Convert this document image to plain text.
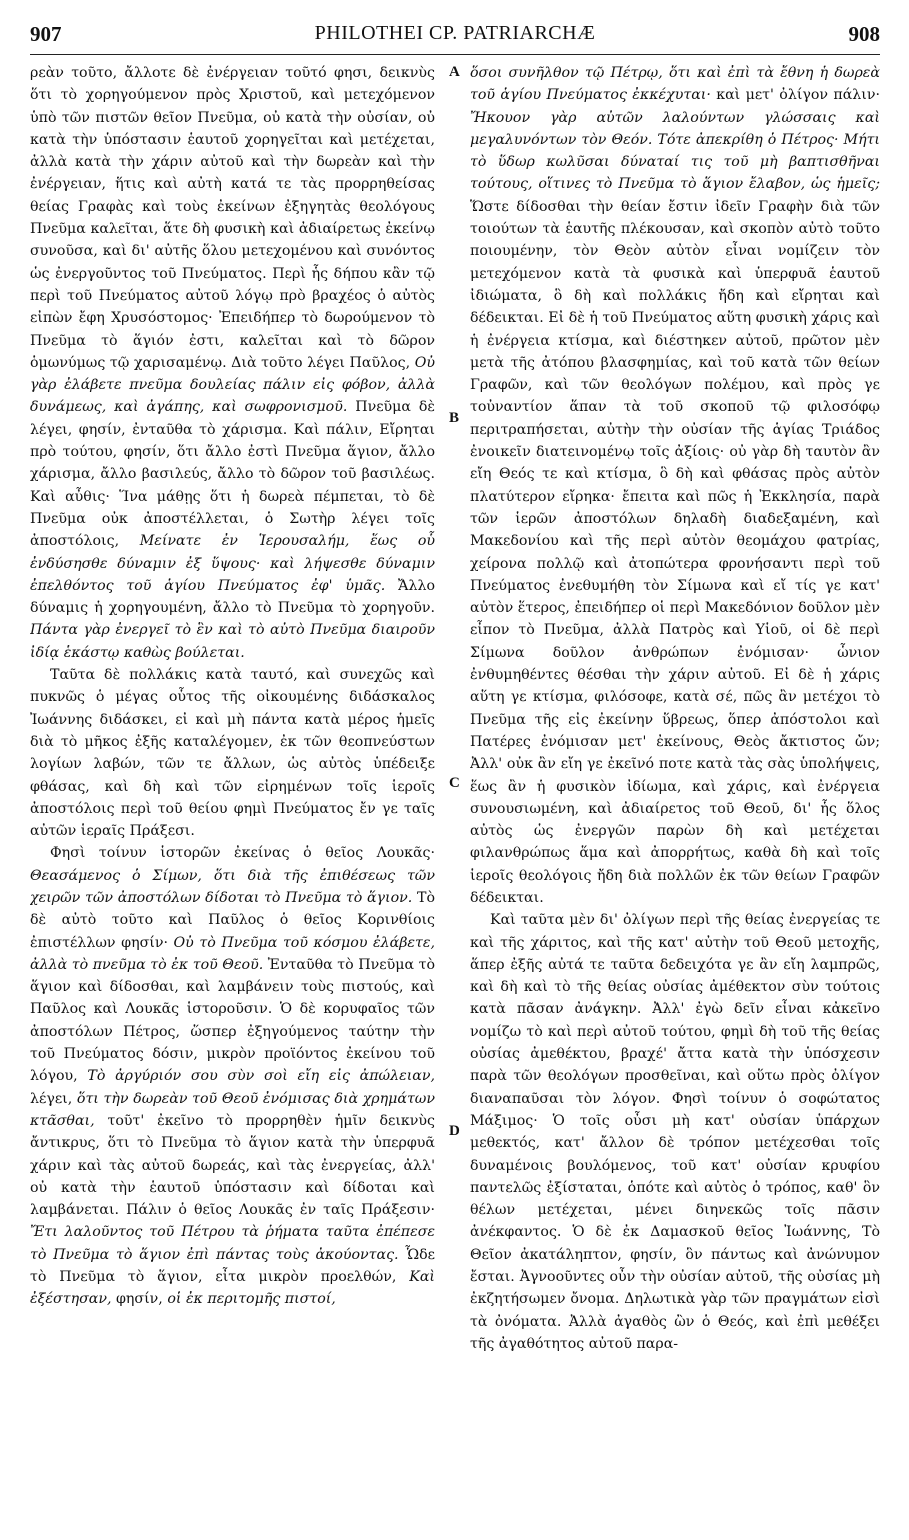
907	PHILOTHEI CP. PATRIARCHÆ	908

ρεὰν τοῦτο, ἄλλοτε δὲ ἐνέργειαν τοῦτό φησι, δεικνὺς ὅτι τὸ χορηγούμενον πρὸς Χριστοῦ, καὶ μετεχόμενον ὑπὸ τῶν πιστῶν θεῖον Πνεῦμα, οὐ κατὰ τὴν οὐσίαν, οὐ κατὰ τὴν ὑπόστασιν ἑαυτοῦ χορηγεῖται καὶ μετέχεται, ἀλλὰ κατὰ τὴν χάριν αὐτοῦ καὶ τὴν δωρεὰν καὶ τὴν ἐνέργειαν, ἥτις καὶ αὐτὴ κατά τε τὰς προρρηθείσας θείας Γραφὰς καὶ τοὺς ἐκείνων ἐξηγητὰς θεολόγους Πνεῦμα καλεῖται, ἅτε δὴ φυσικὴ καὶ ἀδιαίρετως ἐκείνῳ συνοῦσα, καὶ δι' αὐτῆς ὅλου μετεχομένου καὶ συνόντος ὡς ἐνεργοῦντος τοῦ Πνεύματος. Περὶ ἧς δήπου κἂν τῷ περὶ τοῦ Πνεύματος αὐτοῦ λόγῳ πρὸ βραχέος ὁ αὐτὸς εἰπὼν ἔφη Χρυσόστομος· Ἐπειδήπερ τὸ δωρούμενον τὸ Πνεῦμα τὸ ἅγιόν ἐστι, καλεῖται καὶ τὸ δῶρον ὁμωνύμως τῷ χαρισαμένῳ. Διὰ τοῦτο λέγει Παῦλος, Οὐ γὰρ ἐλάβετε πνεῦμα δουλείας πάλιν εἰς φόβον, ἀλλὰ δυνάμεως, καὶ ἀγάπης, καὶ σωφρονισμοῦ. Πνεῦμα δὲ λέγει, φησίν, ἐνταῦθα τὸ χάρισμα. Καὶ πάλιν, Εἴρηται πρὸ τούτου, φησίν, ὅτι ἄλλο ἐστὶ Πνεῦμα ἅγιον, ἄλλο χάρισμα, ἄλλο βασιλεύς, ἄλλο τὸ δῶρον τοῦ βασιλέως. Καὶ αὖθις· Ἵνα μάθῃς ὅτι ἡ δωρεὰ πέμπεται, τὸ δὲ Πνεῦμα οὐκ ἀποστέλλεται, ὁ Σωτὴρ λέγει τοῖς ἀποστόλοις, Μείνατε ἐν Ἱερουσαλήμ, ἕως οὗ ἐνδύσησθε δύναμιν ἐξ ὕψους· καὶ λήψεσθε δύναμιν ἐπελθόντος τοῦ ἁγίου Πνεύματος ἐφ' ὑμᾶς. Ἄλλο δύναμις ἡ χορηγουμένη, ἄλλο τὸ Πνεῦμα τὸ χορηγοῦν. Πάντα γὰρ ἐνεργεῖ τὸ ἓν καὶ τὸ αὐτὸ Πνεῦμα διαιροῦν ἰδίᾳ ἑκάστῳ καθὼς βούλεται.

Ταῦτα δὲ πολλάκις κατὰ ταυτό, καὶ συνεχῶς καὶ πυκνῶς ὁ μέγας οὗτος τῆς οἰκουμένης διδάσκαλος Ἰωάννης διδάσκει, εἰ καὶ μὴ πάντα κατὰ μέρος ἡμεῖς διὰ τὸ μῆκος ἐξῆς καταλέγομεν, ἐκ τῶν θεοπνεύστων λογίων λαβών, τῶν τε ἄλλων, ὡς αὐτὸς ὑπέδειξε φθάσας, καὶ δὴ καὶ τῶν εἰρημένων τοῖς ἱεροῖς ἀποστόλοις περὶ τοῦ θείου φημὶ Πνεύματος ἔν γε ταῖς αὐτῶν ἱεραῖς Πράξεσι.

Φησὶ τοίνυν ἱστορῶν ἐκείνας ὁ θεῖος Λουκᾶς· Θεασάμενος ὁ Σίμων, ὅτι διὰ τῆς ἐπιθέσεως τῶν χειρῶν τῶν ἀποστόλων δίδοται τὸ Πνεῦμα τὸ ἅγιον. Τὸ δὲ αὐτὸ τοῦτο καὶ Παῦλος ὁ θεῖος Κορινθίοις ἐπιστέλλων φησίν· Οὐ τὸ Πνεῦμα τοῦ κόσμου ἐλάβετε, ἀλλὰ τὸ πνεῦμα τὸ ἐκ τοῦ Θεοῦ. Ἐνταῦθα τὸ Πνεῦμα τὸ ἅγιον καὶ δίδοσθαι, καὶ λαμβάνειν τοὺς πιστούς, καὶ Παῦλος καὶ Λουκᾶς ἱστοροῦσιν. Ὁ δὲ κορυφαῖος τῶν ἀποστόλων Πέτρος, ὥσπερ ἐξηγούμενος ταύτην τὴν τοῦ Πνεύματος δόσιν, μικρὸν προϊόντος ἐκείνου τοῦ λόγου, Τὸ ἀργύριόν σου σὺν σοὶ εἴη εἰς ἀπώλειαν, λέγει, ὅτι τὴν δωρεὰν τοῦ Θεοῦ ἐνόμισας διὰ χρημάτων κτᾶσθαι, τοῦτ' ἐκεῖνο τὸ προρρηθὲν ἡμῖν δεικνὺς ἄντικρυς, ὅτι τὸ Πνεῦμα τὸ ἅγιον κατὰ τὴν ὑπερφυᾶ χάριν καὶ τὰς αὐτοῦ δωρεάς, καὶ τὰς ἐνεργείας, ἀλλ' οὐ κατὰ τὴν ἑαυτοῦ ὑπόστασιν καὶ δίδοται καὶ λαμβάνεται. Πάλιν ὁ θεῖος Λουκᾶς ἐν ταῖς Πράξεσιν· Ἔτι λαλοῦντος τοῦ Πέτρου τὰ ῥήματα ταῦτα ἐπέπεσε τὸ Πνεῦμα τὸ ἅγιον ἐπὶ πάντας τοὺς ἀκούοντας. Ὧδε τὸ Πνεῦμα τὸ ἅγιον, εἶτα μικρὸν προελθών, Καὶ ἐξέστησαν, φησίν, οἱ ἐκ περιτομῆς πιστοί,

ὅσοι συνῆλθον τῷ Πέτρῳ, ὅτι καὶ ἐπὶ τὰ ἔθνη ἡ δωρεὰ τοῦ ἁγίου Πνεύματος ἐκκέχυται· καὶ μετ' ὀλίγον πάλιν· Ἤκουον γὰρ αὐτῶν λαλούντων γλώσσαις καὶ μεγαλυνόντων τὸν Θεόν. Τότε ἀπεκρίθη ὁ Πέτρος· Μήτι τὸ ὕδωρ κωλῦσαι δύναταί τις τοῦ μὴ βαπτισθῆναι τούτους, οἵτινες τὸ Πνεῦμα τὸ ἅγιον ἔλαβον, ὡς ἡμεῖς; Ὥστε δίδοσθαι τὴν θείαν ἔστιν ἰδεῖν Γραφὴν διὰ τῶν τοιούτων τὰ ἑαυτῆς πλέκουσαν, καὶ σκοπὸν αὐτὸ τοῦτο ποιουμένην, τὸν Θεὸν αὐτὸν εἶναι νομίζειν τὸν μετεχόμενον κατὰ τὰ φυσικὰ καὶ ὑπερφυᾶ ἑαυτοῦ ἰδιώματα, ὃ δὴ καὶ πολλάκις ἤδη καὶ εἴρηται καὶ δέδεικται. Εἰ δὲ ἡ τοῦ Πνεύματος αὕτη φυσικὴ χάρις καὶ ἡ ἐνέργεια κτίσμα, καὶ διέστηκεν αὐτοῦ, πρῶτον μὲν μετὰ τῆς ἀτόπου βλασφημίας, καὶ τοῦ κατὰ τῶν θείων Γραφῶν, καὶ τῶν θεολόγων πολέμου, καὶ πρὸς γε τοὐναντίον ἅπαν τὰ τοῦ σκοποῦ τῷ φιλοσόφῳ περιτραπήσεται, αὐτὴν τὴν οὐσίαν τῆς ἁγίας Τριάδος ἐνοικεῖν διατεινομένῳ τοῖς ἀξίοις· οὐ γὰρ δὴ ταυτὸν ἂν εἴη Θεός τε καὶ κτίσμα, ὃ δὴ καὶ φθάσας πρὸς αὐτὸν πλατύτερον εἴρηκα· ἔπειτα καὶ πῶς ἡ Ἐκκλησία, παρὰ τῶν ἱερῶν ἀποστόλων δηλαδὴ διαδεξαμένη, καὶ Μακεδονίου καὶ τῆς περὶ αὐτὸν θεομάχου φατρίας, χείρονα πολλῷ καὶ ἀτοπώτερα φρονήσαντι περὶ τοῦ Πνεύματος ἐνεθυμήθη τὸν Σίμωνα καὶ εἴ τίς γε κατ' αὐτὸν ἕτερος, ἐπειδήπερ οἱ περὶ Μακεδόνιον δοῦλον μὲν εἶπον τὸ Πνεῦμα, ἀλλὰ Πατρὸς καὶ Υἱοῦ, οἱ δὲ περὶ Σίμωνα δοῦλον ἀνθρώπων ἐνόμισαν· ὧνιον ἐνθυμηθέντες θέσθαι τὴν χάριν αὐτοῦ. Εἰ δὲ ἡ χάρις αὕτη γε κτίσμα, φιλόσοφε, κατὰ σέ, πῶς ἂν μετέχοι τὸ Πνεῦμα τῆς εἰς ἐκείνην ὕβρεως, ὅπερ ἀπόστολοι καὶ Πατέρες ἐνόμισαν μετ' ἐκείνους, Θεὸς ἄκτιστος ὤν; Ἀλλ' οὐκ ἂν εἴη γε ἐκεῖνό ποτε κατὰ τὰς σὰς ὑπολήψεις, ἕως ἂν ἡ φυσικὸν ἰδίωμα, καὶ χάρις, καὶ ἐνέργεια συνουσιωμένη, καὶ ἀδιαίρετος τοῦ Θεοῦ, δι' ἧς ὅλος αὐτὸς ὡς ἐνεργῶν παρὼν δὴ καὶ μετέχεται φιλανθρώπως ἅμα καὶ ἀπορρήτως, καθὰ δὴ καὶ τοῖς ἱεροῖς θεολόγοις ἤδη διὰ πολλῶν ἐκ τῶν θείων Γραφῶν δέδεικται.

Καὶ ταῦτα μὲν δι' ὀλίγων περὶ τῆς θείας ἐνεργείας τε καὶ τῆς χάριτος, καὶ τῆς κατ' αὐτὴν τοῦ Θεοῦ μετοχῆς, ἅπερ ἐξῆς αὐτά τε ταῦτα δεδειχότα γε ἂν εἴη λαμπρῶς, καὶ δὴ καὶ τὸ τῆς θείας οὐσίας ἀμέθεκτον σὺν τούτοις κατὰ πᾶσαν ἀνάγκην. Ἀλλ' ἐγὼ δεῖν εἶναι κἀκεῖνο νομίζω τὸ καὶ περὶ αὐτοῦ τούτου, φημὶ δὴ τοῦ τῆς θείας οὐσίας ἀμεθέκτου, βραχέ' ἄττα κατὰ τὴν ὑπόσχεσιν παρὰ τῶν θεολόγων προσθεῖναι, καὶ οὕτω πρὸς ὀλίγον διαναπαῦσαι τὸν λόγον. Φησὶ τοίνυν ὁ σοφώτατος Μάξιμος· Ὁ τοῖς οὖσι μὴ κατ' οὐσίαν ὑπάρχων μεθεκτός, κατ' ἄλλον δὲ τρόπον μετέχεσθαι τοῖς δυναμένοις βουλόμενος, τοῦ κατ' οὐσίαν κρυφίου παντελῶς ἐξίσταται, ὁπότε καὶ αὐτὸς ὁ τρόπος, καθ' ὃν θέλων μετέχεται, μένει διηνεκῶς τοῖς πᾶσιν ἀνέκφαντος. Ὁ δὲ ἐκ Δαμασκοῦ θεῖος Ἰωάννης, Τὸ Θεῖον ἀκατάληπτον, φησίν, ὃν πάντως καὶ ἀνώνυμον ἔσται. Ἀγνοοῦντες οὖν τὴν οὐσίαν αὐτοῦ, τῆς οὐσίας μὴ ἐκζητήσωμεν ὄνομα. Δηλωτικὰ γὰρ τῶν πραγμάτων εἰσὶ τὰ ὀνόματα. Ἀλλὰ ἀγαθὸς ὢν ὁ Θεός, καὶ ἐπὶ μεθέξει τῆς ἀγαθότητος αὐτοῦ παρα-

A
B
C
D
